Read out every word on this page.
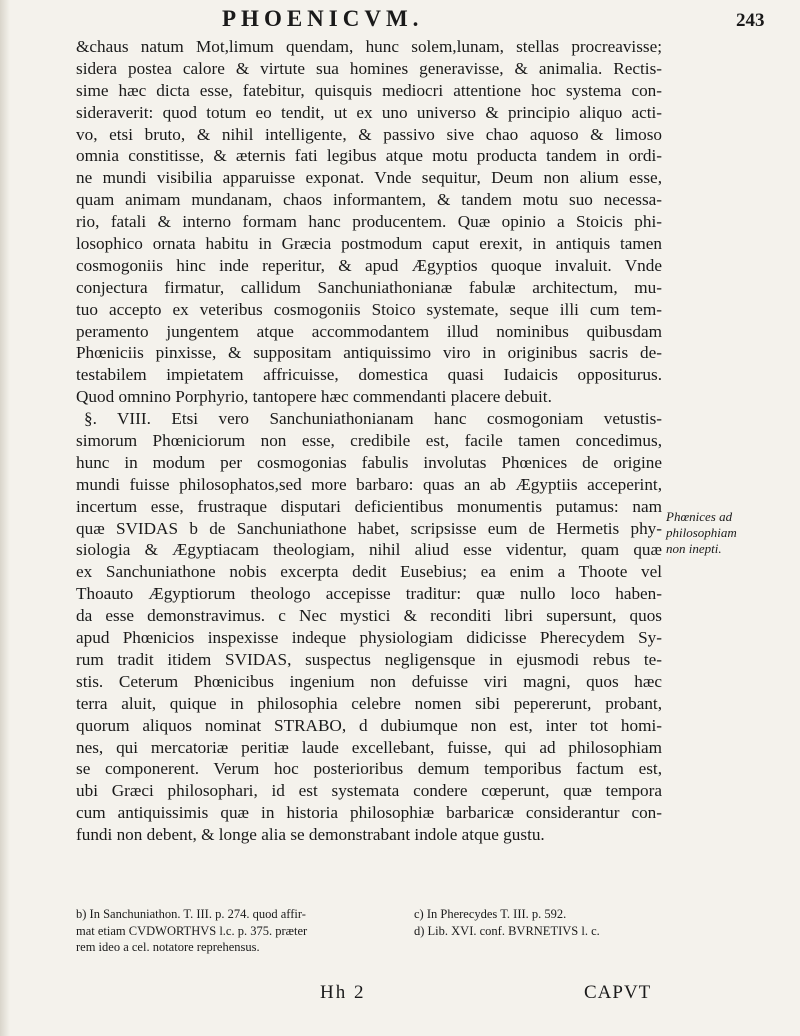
PHOENICVM.	243
&chaus natum Mot,limum quendam, hunc solem,lunam, stellas procreavisse;
sidera postea calore & virtute sua homines generavisse, & animalia. Rectis-
sime hæc dicta esse, fatebitur, quisquis mediocri attentione hoc systema con-
sideraverit: quod totum eo tendit, ut ex uno universo & principio aliquo acti-
vo, etsi bruto, & nihil intelligente, & passivo sive chao aquoso & limoso
omnia constitisse, & æternis fati legibus atque motu producta tandem in ordi-
ne mundi visibilia apparuisse exponat. Vnde sequitur, Deum non alium esse,
quam animam mundanam, chaos informantem, & tandem motu suo necessa-
rio, fatali & interno formam hanc producentem. Quæ opinio a Stoicis phi-
losophico ornata habitu in Græcia postmodum caput erexit, in antiquis tamen
cosmogoniis hinc inde reperitur, & apud Ægyptios quoque invaluit. Vnde
conjectura firmatur, callidum Sanchuniathonianæ fabulæ architectum, mu-
tuo accepto ex veteribus cosmogoniis Stoico systemate, seque illi cum tem-
peramento jungentem atque accommodantem illud nominibus quibusdam
Phœniciis pinxisse, & suppositam antiquissimo viro in originibus sacris de-
testabilem impietatem affricuisse, domestica quasi Iudaicis oppositurus.
Quod omnino Porphyrio, tantopere hæc commendanti placere debuit.
§. VIII. Etsi vero Sanchuniathonianam hanc cosmogoniam vetustis-
simorum Phœniciorum non esse, credibile est, facile tamen concedimus,
hunc in modum per cosmogonias fabulis involutas Phœnices de origine
mundi fuisse philosophatos,sed more barbaro: quas an ab Ægyptiis acceperint,
incertum esse, frustraque disputari deficientibus monumentis putamus: nam
quæ SVIDAS b de Sanchuniathone habet, scripsisse eum de Hermetis phy-
siologia & Ægyptiacam theologiam, nihil aliud esse videntur, quam quæ
ex Sanchuniathone nobis excerpta dedit Eusebius; ea enim a Thoote vel
Thoauto Ægyptiorum theologo accepisse traditur: quæ nullo loco haben-
da esse demonstravimus. c Nec mystici & reconditi libri supersunt, quos
apud Phœnicios inspexisse indeque physiologiam didicisse Pherecydem Sy-
rum tradit itidem SVIDAS, suspectus negligensque in ejusmodi rebus te-
stis. Ceterum Phœnicibus ingenium non defuisse viri magni, quos hæc
terra aluit, quique in philosophia celebre nomen sibi pepererunt, probant,
quorum aliquos nominat STRABO, d dubiumque non est, inter tot homi-
nes, qui mercatoriæ peritiæ laude excellebant, fuisse, qui ad philosophiam
se componerent. Verum hoc posterioribus demum temporibus factum est,
ubi Græci philosophari, id est systemata condere cœperunt, quæ tempora
cum antiquissimis quæ in historia philosophiæ barbaricæ considerantur con-
fundi non debent, & longe alia se demonstrabant indole atque gustu.
Phœnices ad
philosophiam
non inepti.
b) In Sanchuniathon. T. III. p. 274. quod affir-
mat etiam CVDWORTHVS l.c. p. 375. præter
rem ideo a cel. notatore reprehensus.
c) In Pherecydes T. III. p. 592.
d) Lib. XVI. conf. BVRNETIVS l. c.
Hh 2	CAPVT
